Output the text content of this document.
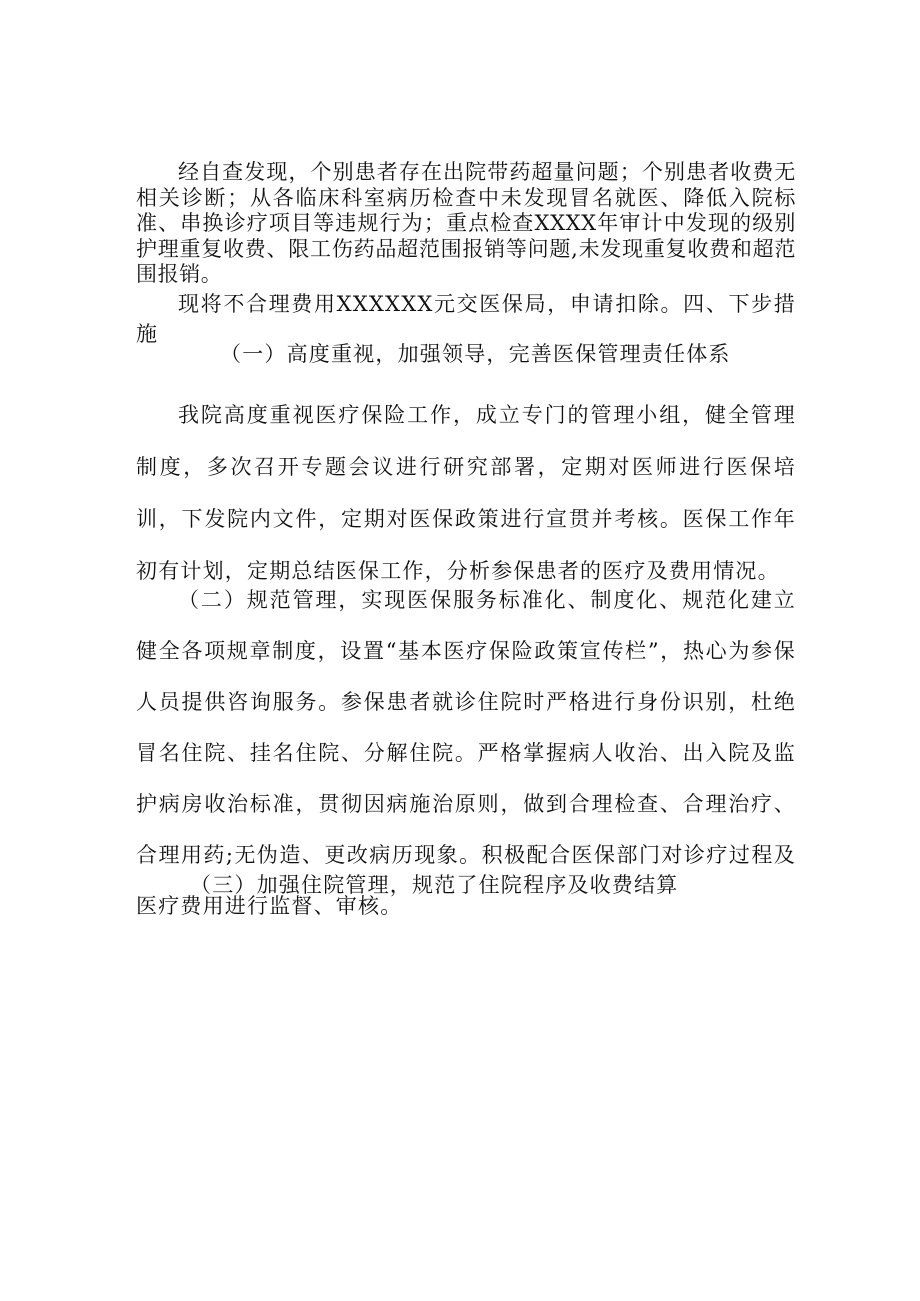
经自查发现，个别患者存在出院带药超量问题；个别患者收费无相关诊断；从各临床科室病历检查中未发现冒名就医、降低入院标准、串换诊疗项目等违规行为；重点检查XXXX年审计中发现的级别护理重复收费、限工伤药品超范围报销等问题,未发现重复收费和超范围报销。

现将不合理费用XXXXXX元交医保局，申请扣除。四、下步措施

（一）高度重视，加强领导，完善医保管理责任体系

我院高度重视医疗保险工作，成立专门的管理小组，健全管理制度，多次召开专题会议进行研究部署，定期对医师进行医保培训，下发院内文件，定期对医保政策进行宣贯并考核。医保工作年初有计划，定期总结医保工作，分析参保患者的医疗及费用情况。

（二）规范管理，实现医保服务标准化、制度化、规范化建立健全各项规章制度，设置“基本医疗保险政策宣传栏”，热心为参保人员提供咨询服务。参保患者就诊住院时严格进行身份识别，杜绝冒名住院、挂名住院、分解住院。严格掌握病人收治、出入院及监护病房收治标准，贯彻因病施治原则，做到合理检查、合理治疗、合理用药;无伪造、更改病历现象。积极配合医保部门对诊疗过程及医疗费用进行监督、审核。

（三）加强住院管理，规范了住院程序及收费结算
